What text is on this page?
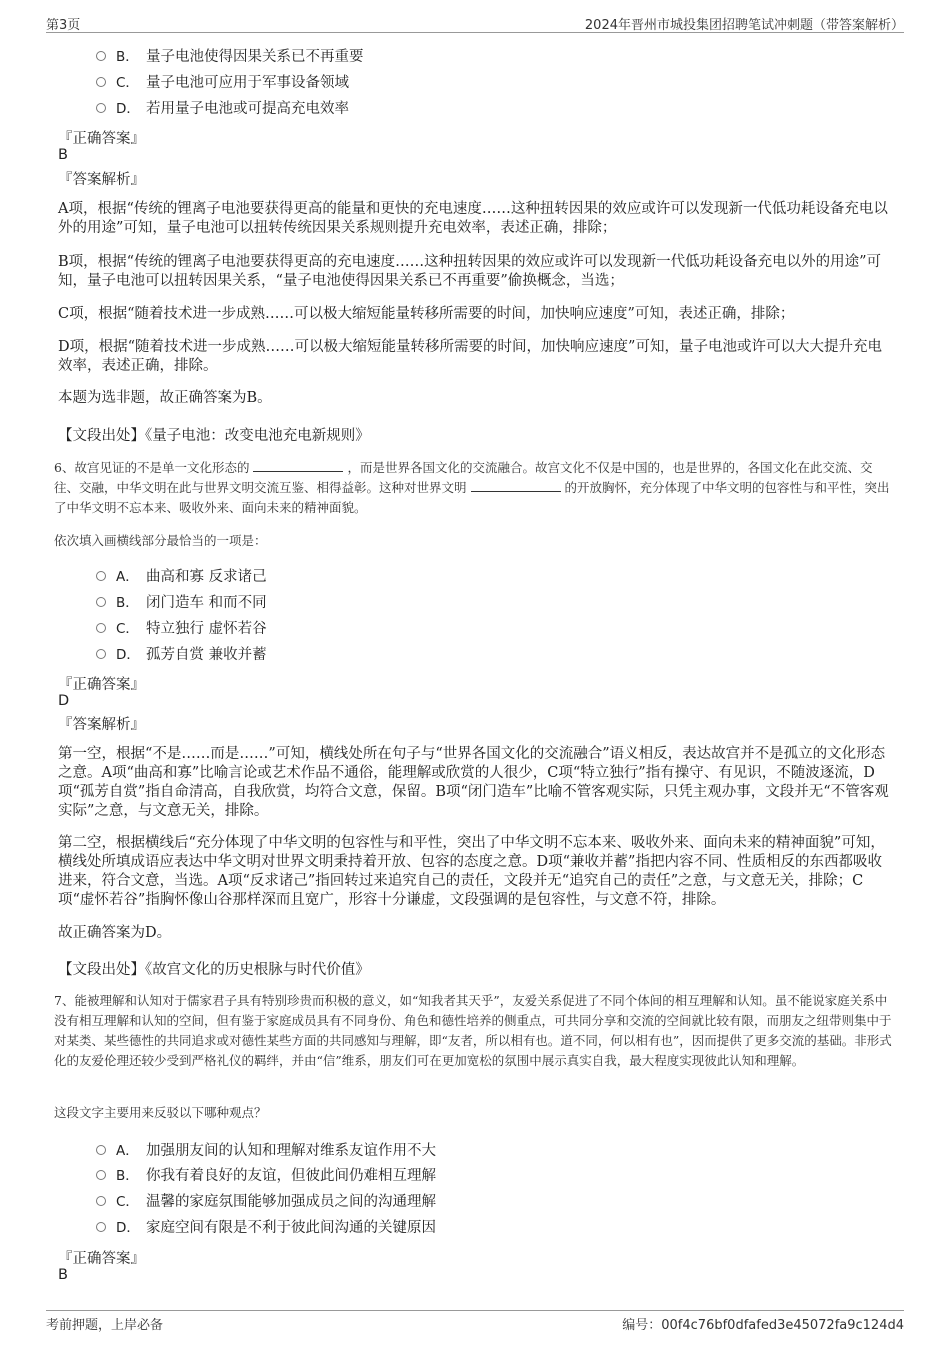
第3页	2024年晋州市城投集团招聘笔试冲刺题（带答案解析）
B． 量子电池使得因果关系已不再重要
C． 量子电池可应用于军事设备领域
D． 若用量子电池或可提高充电效率
『正确答案』
B
『答案解析』
A项，根据“传统的锂离子电池要获得更高的能量和更快的充电速度……这种扭转因果的效应或许可以发现新一代低功耗设备充电以外的用途”可知，量子电池可以扭转传统因果关系规则提升充电效率，表述正确，排除；
B项，根据“传统的锂离子电池要获得更高的充电速度……这种扭转因果的效应或许可以发现新一代低功耗设备充电以外的用途”可知，量子电池可以扭转因果关系，“量子电池使得因果关系已不再重要”偷换概念，当选；
C项，根据“随着技术进一步成熟……可以极大缩短能量转移所需要的时间，加快响应速度”可知，表述正确，排除；
D项，根据“随着技术进一步成熟……可以极大缩短能量转移所需要的时间，加快响应速度”可知，量子电池或许可以大大提升充电效率，表述正确，排除。
本题为选非题，故正确答案为B。
【文段出处】《量子电池：改变电池充电新规则》
6、故宫见证的不是单一文化形态的	，而是世界各国文化的交流融合。故宫文化不仅是中国的，也是世界的，各国文化在此交流、交往、交融，中华文明在此与世界文明交流互鉴、相得益彰。这种对世界文明	的开放胸怀，充分体现了中华文明的包容性与和平性，突出了中华文明不忘本来、吸收外来、面向未来的精神面貌。
依次填入画横线部分最恰当的一项是：
A． 曲高和寡 反求诸己
B． 闭门造车 和而不同
C． 特立独行 虚怀若谷
D． 孤芳自赏 兼收并蓄
『正确答案』
D
『答案解析』
第一空，根据“不是……而是……”可知，横线处所在句子与“世界各国文化的交流融合”语义相反，表达故宫并不是孤立的文化形态之意。A项“曲高和寡”比喻言论或艺术作品不通俗，能理解或欣赏的人很少，C项“特立独行”指有操守、有见识，不随波逐流，D项“孤芳自赏”指自命清高，自我欣赏，均符合文意，保留。B项“闭门造车”比喻不管客观实际，只凭主观办事，文段并无“不管客观实际”之意，与文意无关，排除。
第二空，根据横线后“充分体现了中华文明的包容性与和平性，突出了中华文明不忘本来、吸收外来、面向未来的精神面貌”可知，横线处所填成语应表达中华文明对世界文明秉持着开放、包容的态度之意。D项“兼收并蓄”指把内容不同、性质相反的东西都吸收进来，符合文意，当选。A项“反求诸己”指回转过来追究自己的责任，文段并无“追究自己的责任”之意，与文意无关，排除；C项“虚怀若谷”指胸怀像山谷那样深而且宽广，形容十分谦虚，文段强调的是包容性，与文意不符，排除。
故正确答案为D。
【文段出处】《故宫文化的历史根脉与时代价值》
7、能被理解和认知对于儒家君子具有特别珍贵而积极的意义，如“知我者其天乎”，友爱关系促进了不同个体间的相互理解和认知。虽不能说家庭关系中没有相互理解和认知的空间，但有鉴于家庭成员具有不同身份、角色和德性培养的侧重点，可共同分享和交流的空间就比较有限，而朋友之纽带则集中于对某类、某些德性的共同追求或对德性某些方面的共同感知与理解，即“友者，所以相有也。道不同，何以相有也”，因而提供了更多交流的基础。非形式化的友爱伦理还较少受到严格礼仪的羁绊，并由“信”维系，朋友们可在更加宽松的氛围中展示真实自我，最大程度实现彼此认知和理解。
这段文字主要用来反驳以下哪种观点？
A． 加强朋友间的认知和理解对维系友谊作用不大
B． 你我有着良好的友谊，但彼此间仍难相互理解
C． 温馨的家庭氛围能够加强成员之间的沟通理解
D． 家庭空间有限是不利于彼此间沟通的关键原因
『正确答案』
B
考前押题，上岸必备	编号：00f4c76bf0dfafed3e45072fa9c124d4
